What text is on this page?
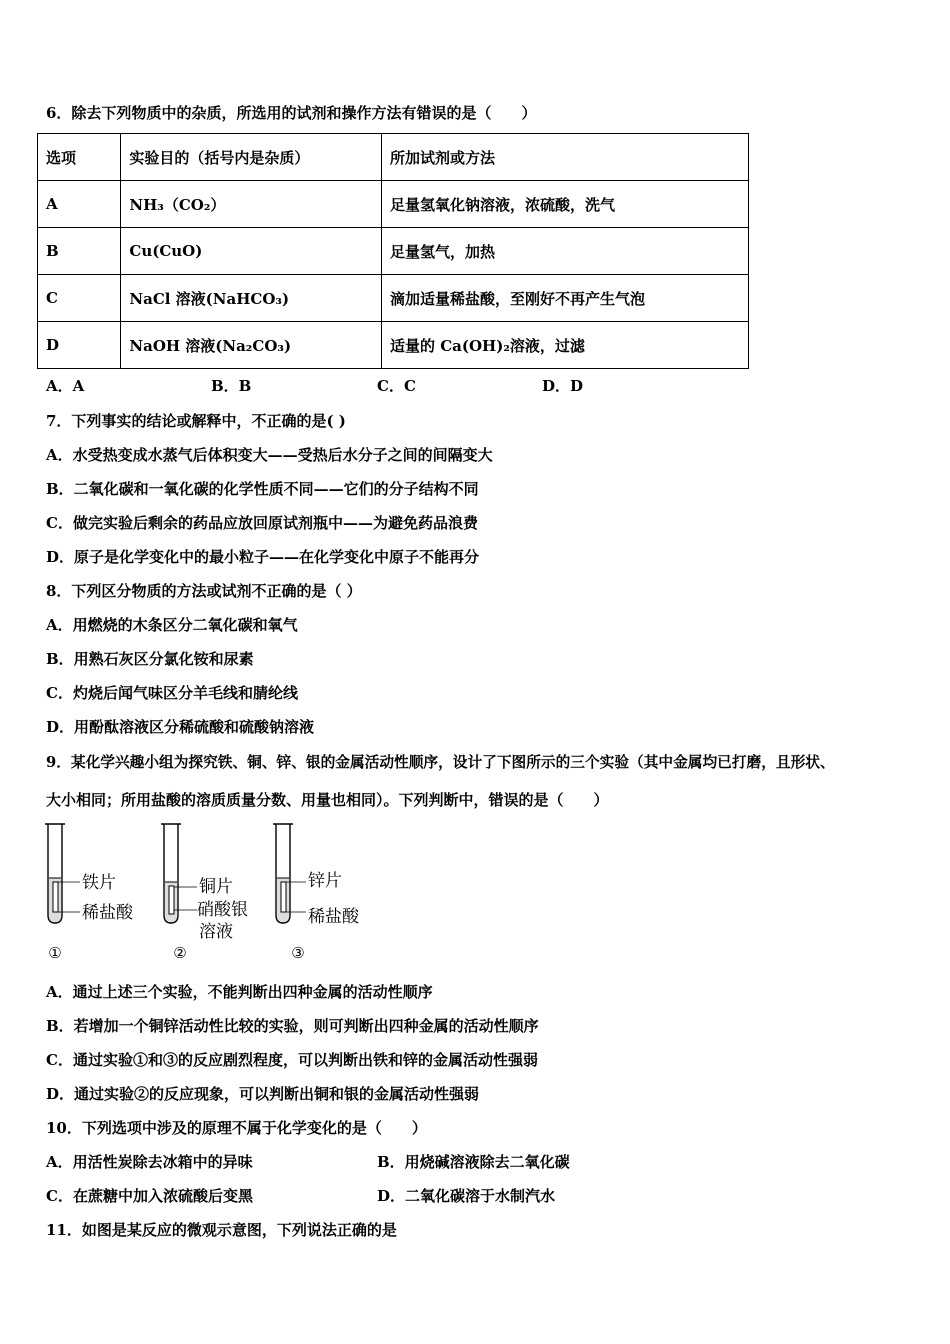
6．除去下列物质中的杂质，所选用的试剂和操作方法有错误的是（　　）
选项	实验目的（括号内是杂质）	所加试剂或方法
A	NH₃（CO₂）	足量氢氧化钠溶液，浓硫酸，洗气
B	Cu(CuO)	足量氢气，加热
C	NaCl 溶液(NaHCO₃)	滴加适量稀盐酸，至刚好不再产生气泡
D	NaOH 溶液(Na₂CO₃)	适量的 Ca(OH)₂溶液，过滤
A．A	B．B	C．C	D．D
7．下列事实的结论或解释中，不正确的是( )
A．水受热变成水蒸气后体积变大——受热后水分子之间的间隔变大
B．二氧化碳和一氧化碳的化学性质不同——它们的分子结构不同
C．做完实验后剩余的药品应放回原试剂瓶中——为避免药品浪费
D．原子是化学变化中的最小粒子——在化学变化中原子不能再分
8．下列区分物质的方法或试剂不正确的是（ ）
A．用燃烧的木条区分二氧化碳和氧气
B．用熟石灰区分氯化铵和尿素
C．灼烧后闻气味区分羊毛线和腈纶线
D．用酚酞溶液区分稀硫酸和硫酸钠溶液
9．某化学兴趣小组为探究铁、铜、锌、银的金属活动性顺序，设计了下图所示的三个实验（其中金属均已打磨，且形状、
大小相同；所用盐酸的溶质质量分数、用量也相同）。下列判断中，错误的是（　　）
铁片
稀盐酸
①
铜片
硝酸银
溶液
②
锌片
稀盐酸
③
A．通过上述三个实验，不能判断出四种金属的活动性顺序
B．若增加一个铜锌活动性比较的实验，则可判断出四种金属的活动性顺序
C．通过实验①和③的反应剧烈程度，可以判断出铁和锌的金属活动性强弱
D．通过实验②的反应现象，可以判断出铜和银的金属活动性强弱
10．下列选项中涉及的原理不属于化学变化的是（　　）
A．用活性炭除去冰箱中的异味	B．用烧碱溶液除去二氧化碳
C．在蔗糖中加入浓硫酸后变黑	D．二氧化碳溶于水制汽水
11．如图是某反应的微观示意图，下列说法正确的是
